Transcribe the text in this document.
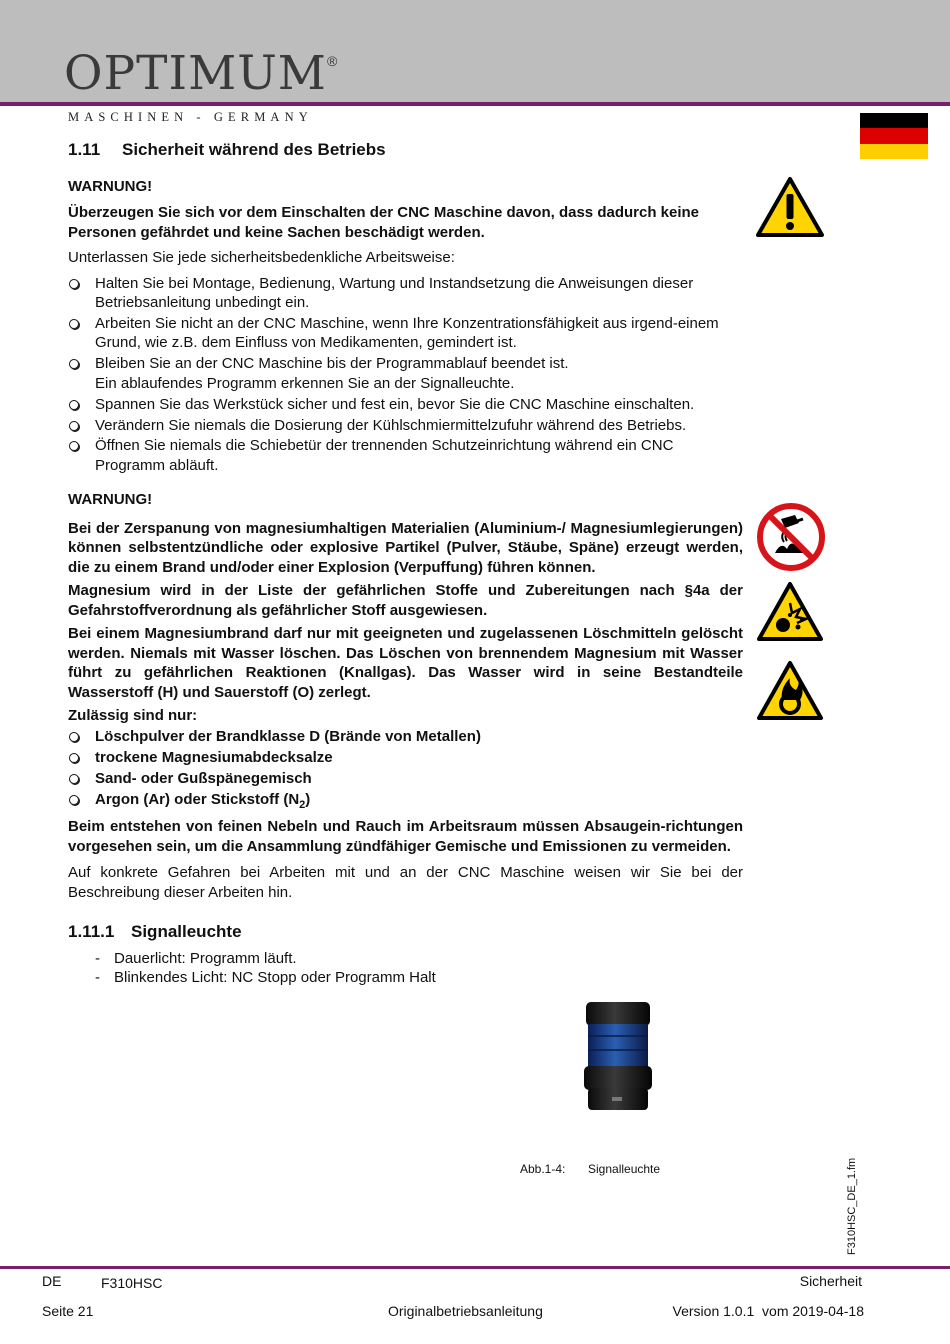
OPTIMUM®
MASCHINEN - GERMANY
1.11 Sicherheit während des Betriebs

WARNUNG!

Überzeugen Sie sich vor dem Einschalten der CNC Maschine davon, dass dadurch keine Personen gefährdet und keine Sachen beschädigt werden.

Unterlassen Sie jede sicherheitsbedenkliche Arbeitsweise:

Halten Sie bei Montage, Bedienung, Wartung und Instandsetzung die Anweisungen dieser Betriebsanleitung unbedingt ein.
Arbeiten Sie nicht an der CNC Maschine, wenn Ihre Konzentrationsfähigkeit aus irgend-einem Grund, wie z.B. dem Einfluss von Medikamenten, gemindert ist.
Bleiben Sie an der CNC Maschine bis der Programmablauf beendet ist.
Ein ablaufendes Programm erkennen Sie an der Signalleuchte.
Spannen Sie das Werkstück sicher und fest ein, bevor Sie die CNC Maschine einschalten.
Verändern Sie niemals die Dosierung der Kühlschmiermittelzufuhr während des Betriebs.
Öffnen Sie niemals die Schiebetür der trennenden Schutzeinrichtung während ein CNC Programm abläuft.

WARNUNG!

Bei der Zerspanung von magnesiumhaltigen Materialien (Aluminium-/ Magnesiumlegierungen) können selbstentzündliche oder explosive Partikel (Pulver, Stäube, Späne) erzeugt werden, die zu einem Brand und/oder einer Explosion (Verpuffung) führen können.

Magnesium wird in der Liste der gefährlichen Stoffe und Zubereitungen nach §4a der Gefahrstoffverordnung als gefährlicher Stoff ausgewiesen.

Bei einem Magnesiumbrand darf nur mit geeigneten und zugelassenen Löschmitteln gelöscht werden. Niemals mit Wasser löschen. Das Löschen von brennendem Magnesium mit Wasser führt zu gefährlichen Reaktionen (Knallgas). Das Wasser wird in seine Bestandteile Wasserstoff (H) und Sauerstoff (O) zerlegt.

Zulässig sind nur:

Löschpulver der Brandklasse D (Brände von Metallen)
trockene Magnesiumabdecksalze
Sand- oder Gußspänegemisch
Argon (Ar) oder Stickstoff $(N_2)$

Beim entstehen von feinen Nebeln und Rauch im Arbeitsraum müssen Absaugein-richtungen vorgesehen sein, um die Ansammlung zündfähiger Gemische und Emissionen zu vermeiden.

Auf konkrete Gefahren bei Arbeiten mit und an der CNC Maschine weisen wir Sie bei der Beschreibung dieser Arbeiten hin.

1.11.1 Signalleuchte
- Dauerlicht: Programm läuft.
- Blinkendes Licht: NC Stopp oder Programm Halt
Abb.1-4: Signalleuchte	F310HSC_DE_1.fm
DE	F310HSC	Sicherheit
Seite 21	Originalbetriebsanleitung	Version 1.0.1  vom 2019-04-18
